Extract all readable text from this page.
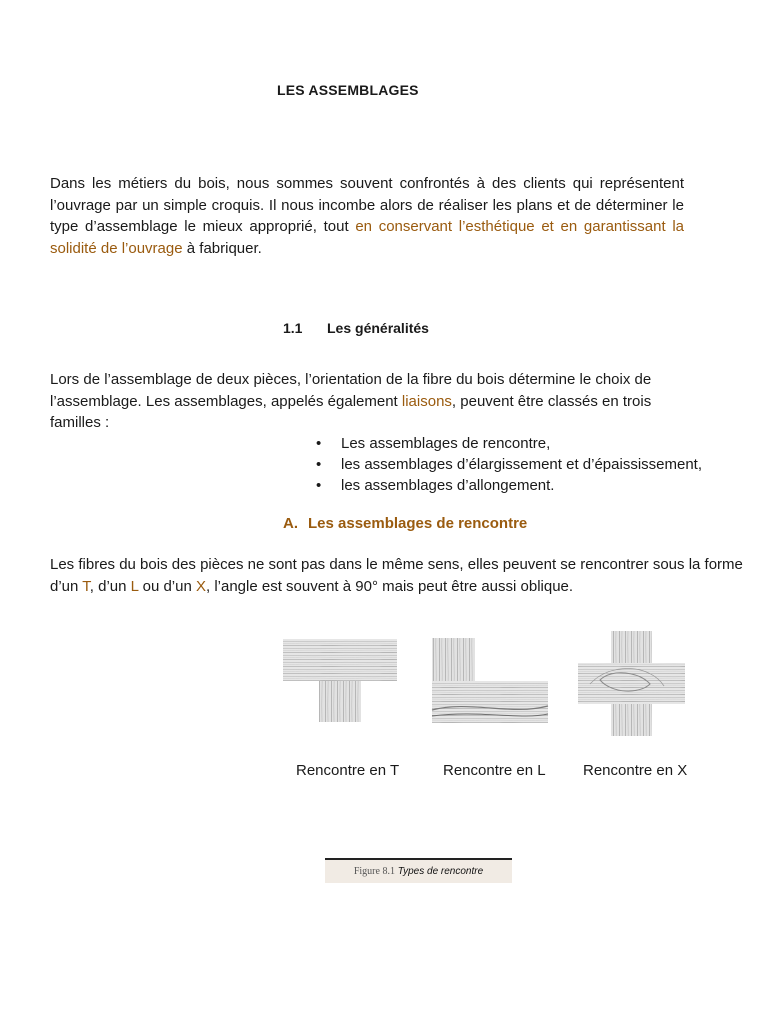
LES ASSEMBLAGES
Dans les métiers du bois, nous sommes souvent confrontés à des clients qui représentent l’ouvrage par un simple croquis. Il nous incombe alors de réaliser les plans et de déterminer le type d’assemblage le mieux approprié, tout en conservant l’esthétique et en garantissant la solidité de l’ouvrage à fabriquer.
1.1 Les généralités
Lors de l’assemblage de deux pièces, l’orientation de la fibre du bois détermine le choix de l’assemblage. Les assemblages, appelés également liaisons, peuvent être classés en trois familles :
• Les assemblages de rencontre,
• les assemblages d’élargissement et d’épaississement,
• les assemblages d’allongement.
A. Les assemblages de rencontre
Les fibres du bois des pièces ne sont pas dans le même sens, elles peuvent se rencontrer sous la forme d’un T, d’un L ou d’un X, l’angle est souvent à 90° mais peut être aussi oblique.
Rencontre en T	Rencontre en L Rencontre en X
Figure 8.1 Types de rencontre
